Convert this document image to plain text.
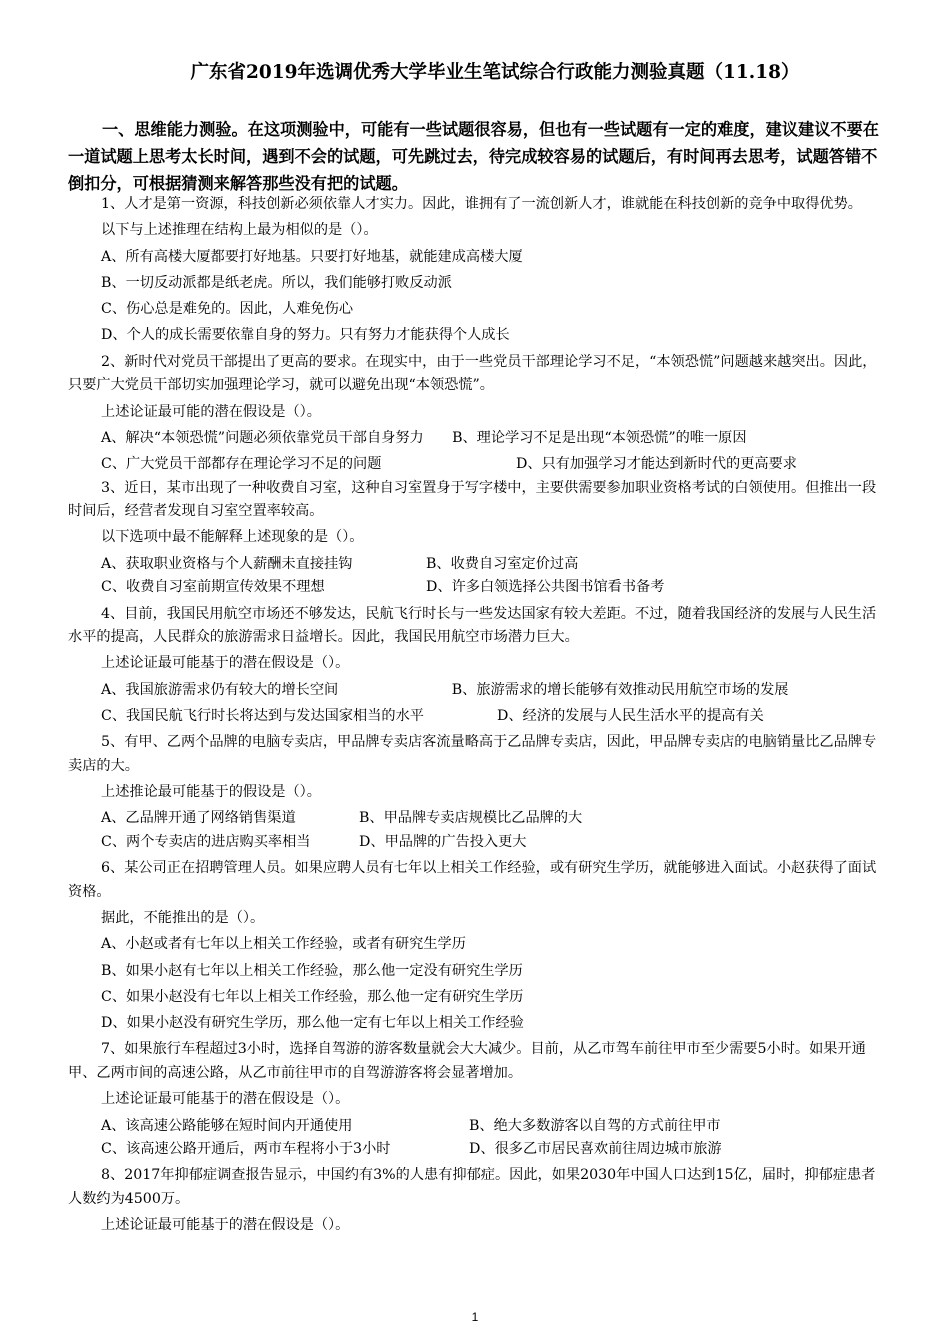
广东省2019年选调优秀大学毕业生笔试综合行政能力测验真题（11.18）
一、思维能力测验。在这项测验中，可能有一些试题很容易，但也有一些试题有一定的难度，建议建议不要在一道试题上思考太长时间，遇到不会的试题，可先跳过去，待完成较容易的试题后，有时间再去思考，试题答错不倒扣分，可根据猜测来解答那些没有把的试题。

1、人才是第一资源，科技创新必须依靠人才实力。因此，谁拥有了一流创新人才，谁就能在科技创新的竞争中取得优势。

以下与上述推理在结构上最为相似的是（）。

A、所有高楼大厦都要打好地基。只要打好地基，就能建成高楼大厦

B、一切反动派都是纸老虎。所以，我们能够打败反动派

C、伤心总是难免的。因此，人难免伤心

D、个人的成长需要依靠自身的努力。只有努力才能获得个人成长

2、新时代对党员干部提出了更高的要求。在现实中，由于一些党员干部理论学习不足，“本领恐慌”问题越来越突出。因此，只要广大党员干部切实加强理论学习，就可以避免出现“本领恐慌”。

上述论证最可能的潜在假设是（）。

A、解决“本领恐慌”问题必须依靠党员干部自身努力　　B、理论学习不足是出现“本领恐慌”的唯一原因

C、广大党员干部都存在理论学习不足的问题	D、只有加强学习才能达到新时代的更高要求

3、近日，某市出现了一种收费自习室，这种自习室置身于写字楼中，主要供需要参加职业资格考试的白领使用。但推出一段时间后，经营者发现自习室空置率较高。

以下选项中最不能解释上述现象的是（）。

A、获取职业资格与个人薪酬未直接挂钩	B、收费自习室定价过高
C、收费自习室前期宣传效果不理想	D、许多白领选择公共图书馆看书备考

4、目前，我国民用航空市场还不够发达，民航飞行时长与一些发达国家有较大差距。不过，随着我国经济的发展与人民生活水平的提高，人民群众的旅游需求日益增长。因此，我国民用航空市场潜力巨大。

上述论证最可能基于的潜在假设是（）。

A、我国旅游需求仍有较大的增长空间　　　　　　　　B、旅游需求的增长能够有效推动民用航空市场的发展

C、我国民航飞行时长将达到与发达国家相当的水平	D、经济的发展与人民生活水平的提高有关

5、有甲、乙两个品牌的电脑专卖店，甲品牌专卖店客流量略高于乙品牌专卖店，因此，甲品牌专卖店的电脑销量比乙品牌专卖店的大。

上述推论最可能基于的假设是（）。

A、乙品牌开通了网络销售渠道	B、甲品牌专卖店规模比乙品牌的大
C、两个专卖店的进店购买率相当	D、甲品牌的广告投入更大

6、某公司正在招聘管理人员。如果应聘人员有七年以上相关工作经验，或有研究生学历，就能够进入面试。小赵获得了面试资格。

据此，不能推出的是（）。

A、小赵或者有七年以上相关工作经验，或者有研究生学历

B、如果小赵有七年以上相关工作经验，那么他一定没有研究生学历

C、如果小赵没有七年以上相关工作经验，那么他一定有研究生学历

D、如果小赵没有研究生学历，那么他一定有七年以上相关工作经验

7、如果旅行车程超过3小时，选择自驾游的游客数量就会大大减少。目前，从乙市驾车前往甲市至少需要5小时。如果开通甲、乙两市间的高速公路，从乙市前往甲市的自驾游游客将会显著增加。

上述论证最可能基于的潜在假设是（）。

A、该高速公路能够在短时间内开通使用	B、绝大多数游客以自驾的方式前往甲市
C、该高速公路开通后，两市车程将小于3小时	D、很多乙市居民喜欢前往周边城市旅游

8、2017年抑郁症调查报告显示，中国约有3%的人患有抑郁症。因此，如果2030年中国人口达到15亿，届时，抑郁症患者人数约为4500万。

上述论证最可能基于的潜在假设是（）。

1
